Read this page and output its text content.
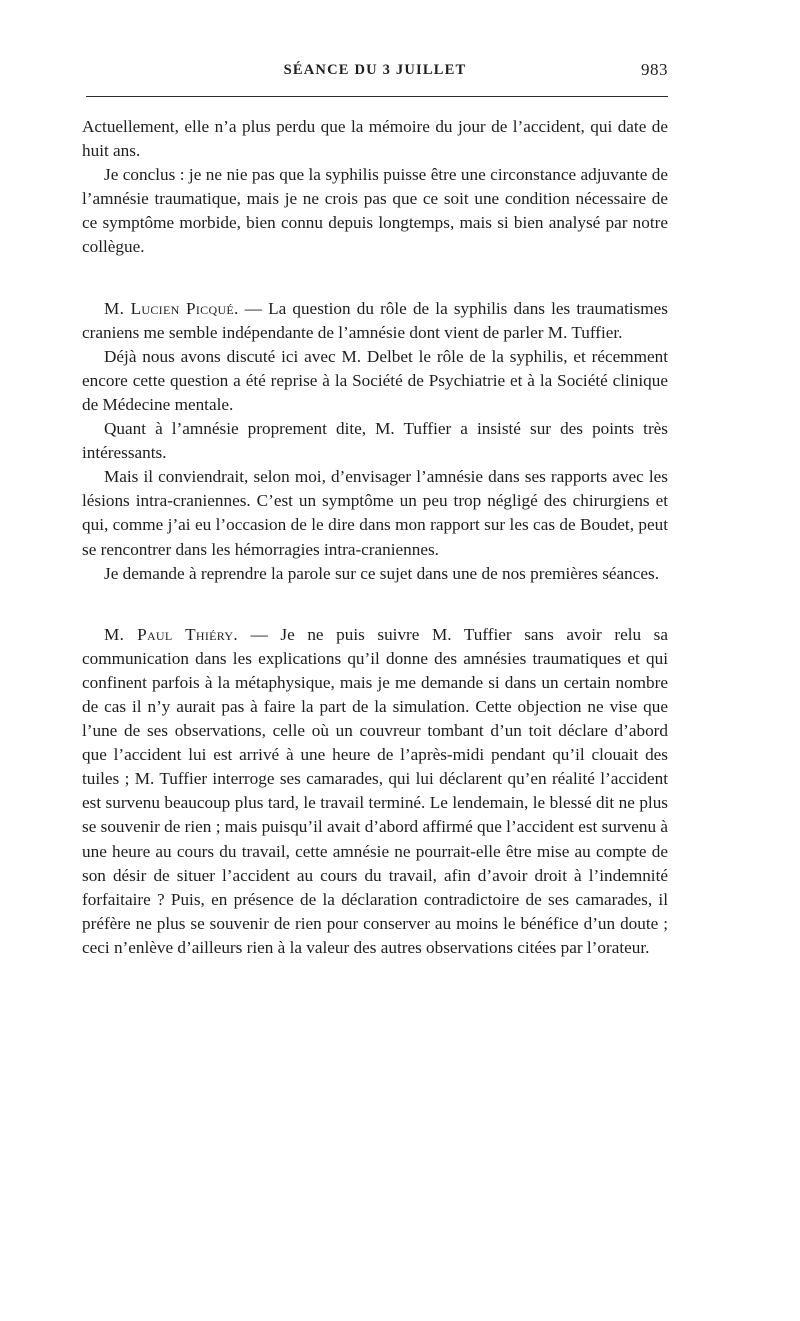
SÉANCE DU 3 JUILLET	983

Actuellement, elle n’a plus perdu que la mémoire du jour de l’accident, qui date de huit ans.

Je conclus : je ne nie pas que la syphilis puisse être une circonstance adjuvante de l’amnésie traumatique, mais je ne crois pas que ce soit une condition nécessaire de ce symptôme morbide, bien connu depuis longtemps, mais si bien analysé par notre collègue.

M. Lucien Picqué. — La question du rôle de la syphilis dans les traumatismes craniens me semble indépendante de l’amnésie dont vient de parler M. Tuffier.

Déjà nous avons discuté ici avec M. Delbet le rôle de la syphilis, et récemment encore cette question a été reprise à la Société de Psychiatrie et à la Société clinique de Médecine mentale.

Quant à l’amnésie proprement dite, M. Tuffier a insisté sur des points très intéressants.

Mais il conviendrait, selon moi, d’envisager l’amnésie dans ses rapports avec les lésions intra-craniennes. C’est un symptôme un peu trop négligé des chirurgiens et qui, comme j’ai eu l’occasion de le dire dans mon rapport sur les cas de Boudet, peut se rencontrer dans les hémorragies intra-craniennes.

Je demande à reprendre la parole sur ce sujet dans une de nos premières séances.

M. Paul Thiéry. — Je ne puis suivre M. Tuffier sans avoir relu sa communication dans les explications qu’il donne des amnésies traumatiques et qui confinent parfois à la métaphysique, mais je me demande si dans un certain nombre de cas il n’y aurait pas à faire la part de la simulation. Cette objection ne vise que l’une de ses observations, celle où un couvreur tombant d’un toit déclare d’abord que l’accident lui est arrivé à une heure de l’après-midi pendant qu’il clouait des tuiles ; M. Tuffier interroge ses camarades, qui lui déclarent qu’en réalité l’accident est survenu beaucoup plus tard, le travail terminé. Le lendemain, le blessé dit ne plus se souvenir de rien ; mais puisqu’il avait d’abord affirmé que l’accident est survenu à une heure au cours du travail, cette amnésie ne pourrait-elle être mise au compte de son désir de situer l’accident au cours du travail, afin d’avoir droit à l’indemnité forfaitaire ? Puis, en présence de la déclaration contradictoire de ses camarades, il préfère ne plus se souvenir de rien pour conserver au moins le bénéfice d’un doute ; ceci n’enlève d’ailleurs rien à la valeur des autres observations citées par l’orateur.
